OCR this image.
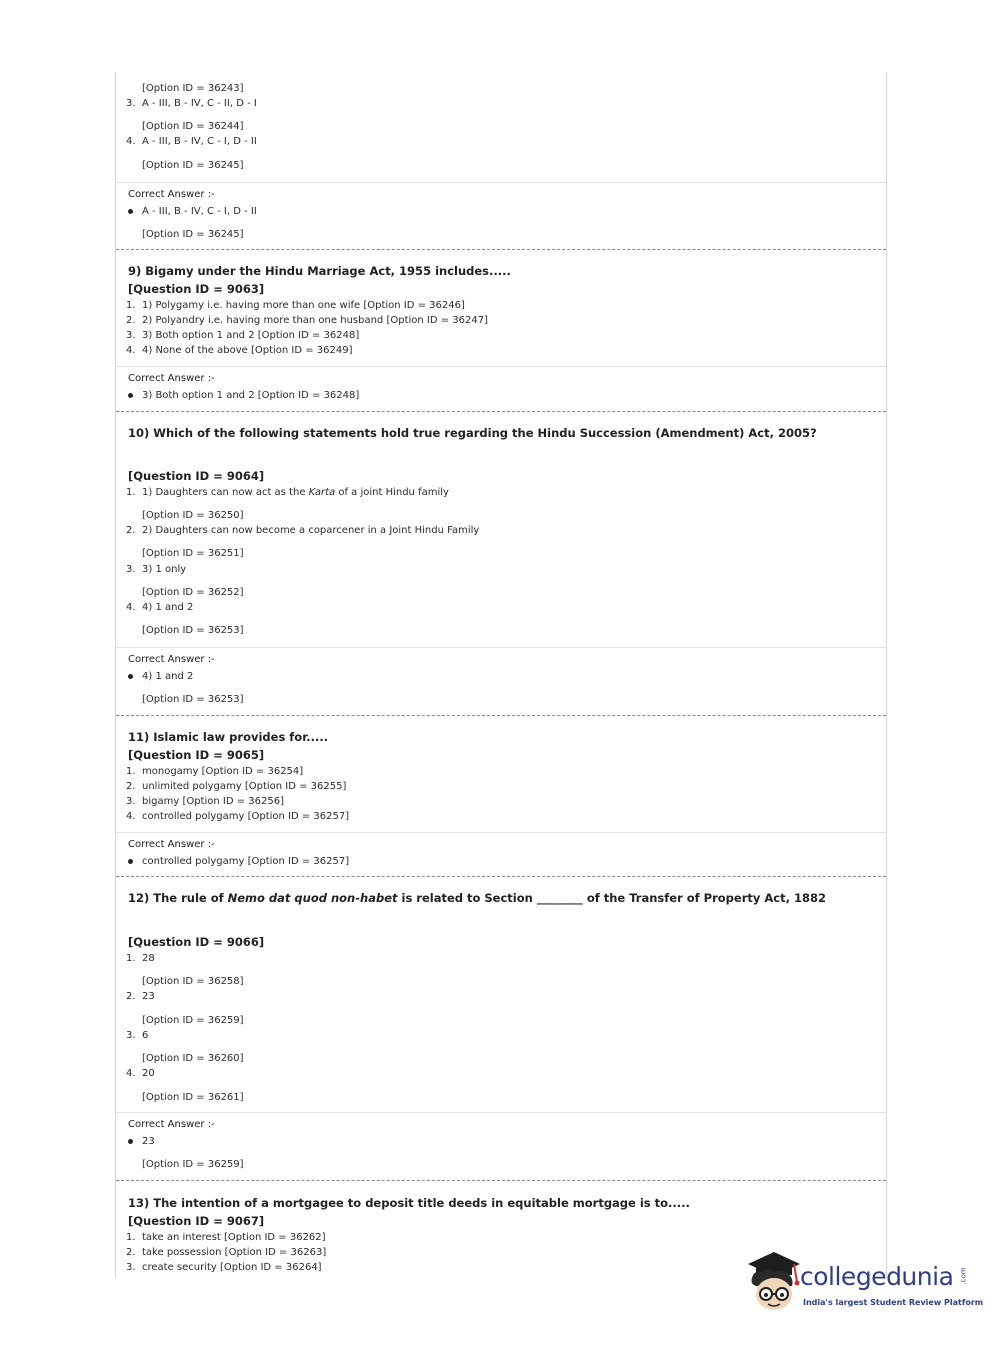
[Option ID = 36243]
3. A - III, B - IV, C - II, D - I
[Option ID = 36244]
4. A - III, B - IV, C - I, D - II
[Option ID = 36245]
Correct Answer :-
A - III, B - IV, C - I, D - II
[Option ID = 36245]
9) Bigamy under the Hindu Marriage Act, 1955 includes.....
[Question ID = 9063]
1. 1) Polygamy i.e. having more than one wife [Option ID = 36246]
2. 2) Polyandry i.e. having more than one husband [Option ID = 36247]
3. 3) Both option 1 and 2 [Option ID = 36248]
4. 4) None of the above [Option ID = 36249]
Correct Answer :-
3) Both option 1 and 2 [Option ID = 36248]
10) Which of the following statements hold true regarding the Hindu Succession (Amendment) Act, 2005?
[Question ID = 9064]
1. 1) Daughters can now act as the Karta of a joint Hindu family
[Option ID = 36250]
2. 2) Daughters can now become a coparcener in a Joint Hindu Family
[Option ID = 36251]
3. 3) 1 only
[Option ID = 36252]
4. 4) 1 and 2
[Option ID = 36253]
Correct Answer :-
4) 1 and 2
[Option ID = 36253]
11) Islamic law provides for.....
[Question ID = 9065]
1. monogamy [Option ID = 36254]
2. unlimited polygamy [Option ID = 36255]
3. bigamy [Option ID = 36256]
4. controlled polygamy [Option ID = 36257]
Correct Answer :-
controlled polygamy [Option ID = 36257]
12) The rule of Nemo dat quod non-habet is related to Section ________ of the Transfer of Property Act, 1882
[Question ID = 9066]
1. 28
[Option ID = 36258]
2. 23
[Option ID = 36259]
3. 6
[Option ID = 36260]
4. 20
[Option ID = 36261]
Correct Answer :-
23
[Option ID = 36259]
13) The intention of a mortgagee to deposit title deeds in equitable mortgage is to.....
[Question ID = 9067]
1. take an interest [Option ID = 36262]
2. take possession [Option ID = 36263]
3. create security [Option ID = 36264]	collegedunia .com
India's largest Student Review Platform
